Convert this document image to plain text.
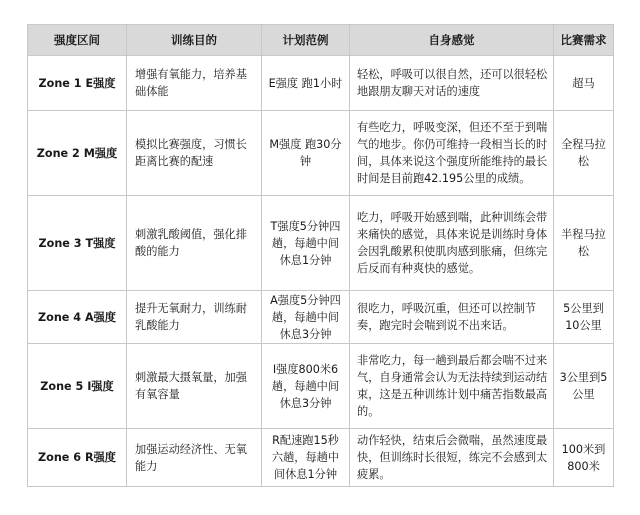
强度区间	训练目的	计划范例	自身感觉	比赛需求
Zone 1 E强度	增强有氧能力，培养基础体能	E强度 跑1小时	轻松，呼吸可以很自然，还可以很轻松地跟朋友聊天对话的速度	超马
Zone 2 M强度	模拟比赛强度，习惯长距离比赛的配速	M强度 跑30分钟	有些吃力，呼吸变深，但还不至于到喘气的地步。你仍可维持一段相当长的时间，具体来说这个强度所能维持的最长时间是目前跑42.195公里的成绩。	全程马拉松
Zone 3 T强度	刺激乳酸阈值，强化排酸的能力	T强度5分钟四趟，每趟中间休息1分钟	吃力，呼吸开始感到喘，此种训练会带来痛快的感觉，具体来说是训练时身体会因乳酸累积使肌肉感到胀痛，但练完后反而有种爽快的感觉。	半程马拉松
Zone 4 A强度	提升无氧耐力，训练耐乳酸能力	A强度5分钟四趟，每趟中间休息3分钟	很吃力，呼吸沉重，但还可以控制节奏，跑完时会喘到说不出来话。	5公里到10公里
Zone 5 I强度	刺激最大摄氧量，加强有氧容量	I强度800米6趟，每趟中间休息3分钟	非常吃力，每一趟到最后都会喘不过来气，自身通常会认为无法持续到运动结束，这是五种训练计划中痛苦指数最高的。	3公里到5公里
Zone 6 R强度	加强运动经济性、无氧能力	R配速跑15秒六趟，每趟中间休息1分钟	动作轻快，结束后会微喘，虽然速度最快，但训练时长很短，练完不会感到太疲累。	100米到800米
